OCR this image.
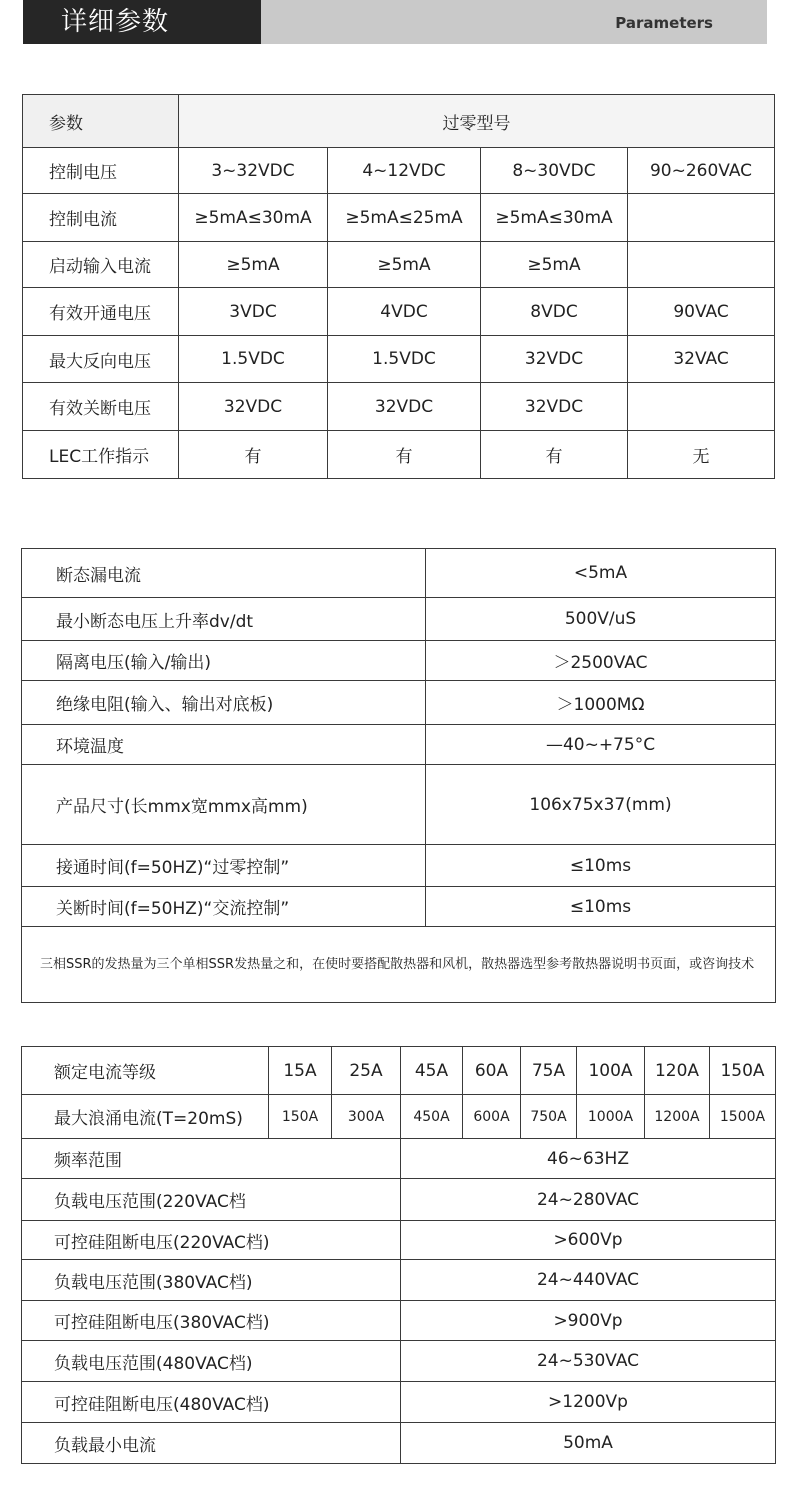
详细参数	Parameters
参数	过零型号			
控制电压	3~32VDC	4~12VDC	8~30VDC	90~260VAC
控制电流	≥5mA≤30mA	≥5mA≤25mA	≥5mA≤30mA	
启动输入电流	≥5mA	≥5mA	≥5mA	
有效开通电压	3VDC	4VDC	8VDC	90VAC
最大反向电压	1.5VDC	1.5VDC	32VDC	32VAC
有效关断电压	32VDC	32VDC	32VDC	
LEC工作指示	有	有	有	无
断态漏电流	<5mA
最小断态电压上升率dv/dt	500V/uS
隔离电压(输入/输出)	＞2500VAC
绝缘电阻(输入、输出对底板)	＞1000MΩ
环境温度	—40~+75°C
产品尺寸(长mmx宽mmx高mm)	106x75x37(mm)
接通时间(f=50HZ)“过零控制”	≤10ms
关断时间(f=50HZ)“交流控制”	≤10ms
三相SSR的发热量为三个单相SSR发热量之和，在使时要搭配散热器和风机，散热器选型参考散热器说明书页面，或咨询技术	
额定电流等级	15A	25A	45A	60A	75A	100A	120A	150A
最大浪涌电流(T=20mS)	150A	300A	450A	600A	750A	1000A	1200A	1500A
频率范围			46~63HZ					
负载电压范围(220VAC档			24~280VAC					
可控硅阻断电压(220VAC档)			>600Vp					
负载电压范围(380VAC档)			24~440VAC					
可控硅阻断电压(380VAC档)			>900Vp					
负载电压范围(480VAC档)			24~530VAC					
可控硅阻断电压(480VAC档)			>1200Vp					
负载最小电流			50mA					
